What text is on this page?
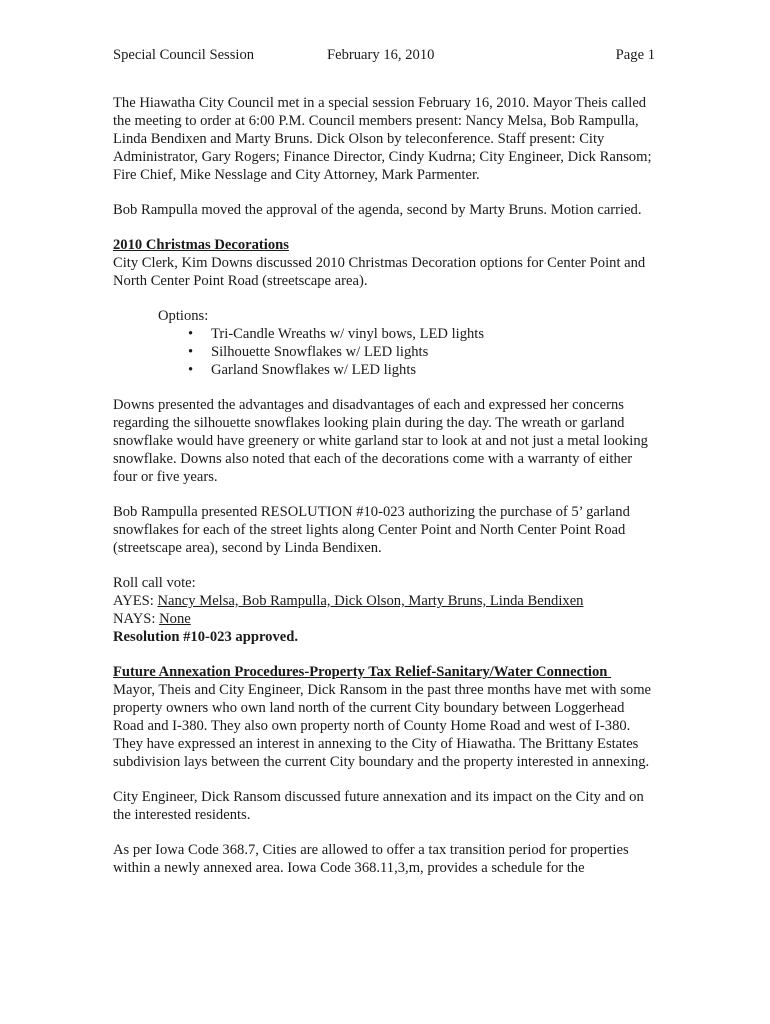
Special Council Session	February 16, 2010	Page 1

The Hiawatha City Council met in a special session February 16, 2010. Mayor Theis called the meeting to order at 6:00 P.M. Council members present: Nancy Melsa, Bob Rampulla, Linda Bendixen and Marty Bruns. Dick Olson by teleconference. Staff present: City Administrator, Gary Rogers; Finance Director, Cindy Kudrna; City Engineer, Dick Ransom; Fire Chief, Mike Nesslage and City Attorney, Mark Parmenter.

Bob Rampulla moved the approval of the agenda, second by Marty Bruns. Motion carried.

2010 Christmas Decorations

City Clerk, Kim Downs discussed 2010 Christmas Decoration options for Center Point and North Center Point Road (streetscape area).

Options:
• Tri-Candle Wreaths w/ vinyl bows, LED lights
• Silhouette Snowflakes w/ LED lights
• Garland Snowflakes w/ LED lights

Downs presented the advantages and disadvantages of each and expressed her concerns regarding the silhouette snowflakes looking plain during the day. The wreath or garland snowflake would have greenery or white garland star to look at and not just a metal looking snowflake. Downs also noted that each of the decorations come with a warranty of either four or five years.

Bob Rampulla presented RESOLUTION #10-023 authorizing the purchase of 5’ garland snowflakes for each of the street lights along Center Point and North Center Point Road (streetscape area), second by Linda Bendixen.

Roll call vote:
AYES: Nancy Melsa, Bob Rampulla, Dick Olson, Marty Bruns, Linda Bendixen
NAYS: None
Resolution #10-023 approved.
Future Annexation Procedures-Property Tax Relief-Sanitary/Water Connection

Mayor, Theis and City Engineer, Dick Ransom in the past three months have met with some property owners who own land north of the current City boundary between Loggerhead Road and I-380. They also own property north of County Home Road and west of I-380. They have expressed an interest in annexing to the City of Hiawatha. The Brittany Estates subdivision lays between the current City boundary and the property interested in annexing.

City Engineer, Dick Ransom discussed future annexation and its impact on the City and on the interested residents.

As per Iowa Code 368.7, Cities are allowed to offer a tax transition period for properties within a newly annexed area. Iowa Code 368.11,3,m, provides a schedule for the
